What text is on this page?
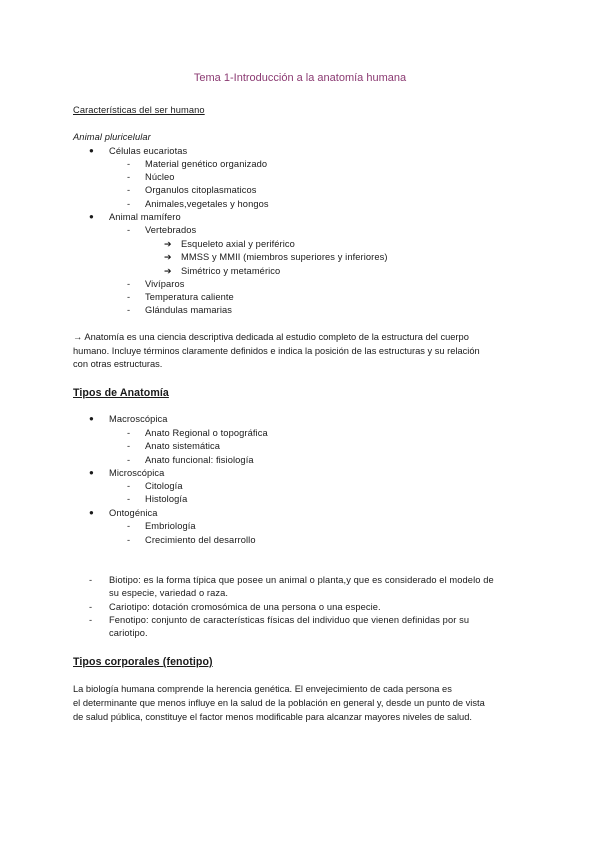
Tema 1-Introducción a la anatomía humana
Características del ser humano
Animal pluricelular
● Células eucariotas
- Material genético organizado
- Núcleo
- Organulos citoplasmaticos
- Animales,vegetales y hongos
● Animal mamífero
- Vertebrados
➔ Esqueleto axial y periférico
➔ MMSS y MMII (miembros superiores y inferiores)
➔ Simétrico y metamérico
- Vivíparos
- Temperatura caliente
- Glándulas mamarias
→ Anatomía es una ciencia descriptiva dedicada al estudio completo de la estructura del cuerpo
humano. Incluye términos claramente definidos e indica la posición de las estructuras y su relación
con otras estructuras.
Tipos de Anatomía
● Macroscópica
- Anato Regional o topográfica
- Anato sistemática
- Anato funcional: fisiología
● Microscópica
- Citología
- Histología
● Ontogénica
- Embriología
- Crecimiento del desarrollo
- Biotipo: es la forma típica que posee un animal o planta,y que es considerado el modelo de
su especie, variedad o raza.
- Cariotipo: dotación cromosómica de una persona o una especie.
- Fenotipo: conjunto de características físicas del individuo que vienen definidas por su
cariotipo.
Tipos corporales (fenotipo)
La biología humana comprende la herencia genética. El envejecimiento de cada persona es
el determinante que menos influye en la salud de la población en general y, desde un punto de vista
de salud pública, constituye el factor menos modificable para alcanzar mayores niveles de salud.
